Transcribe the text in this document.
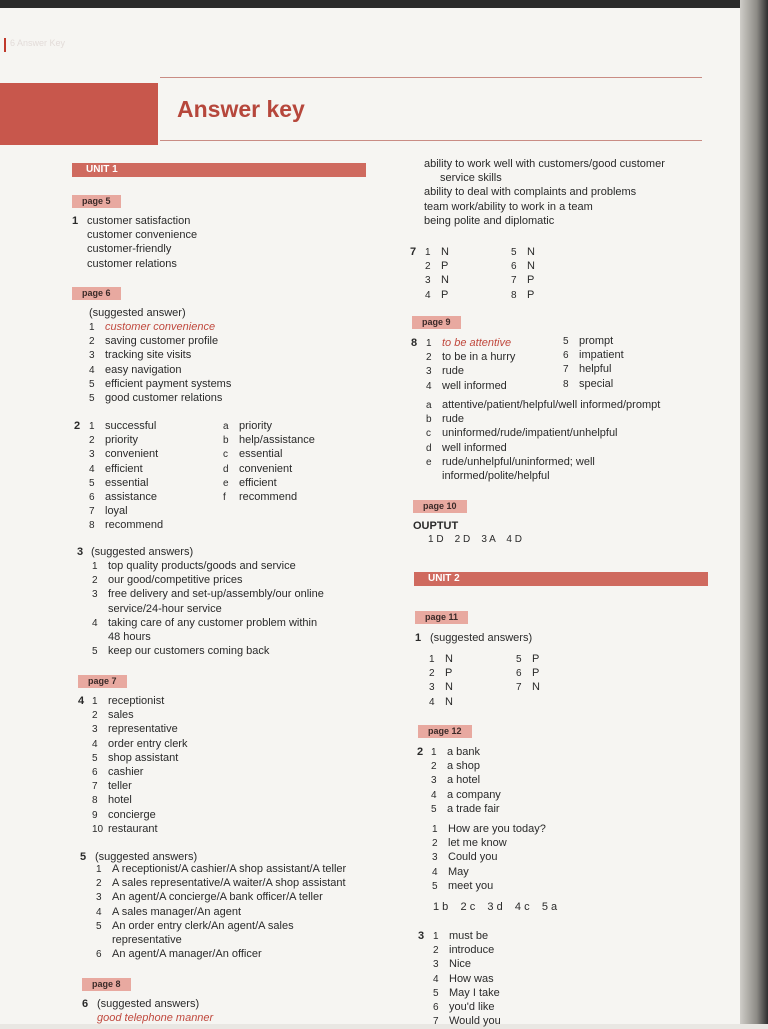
6 Answer Key
Answer key
UNIT 1
page 5
1 customer satisfaction
customer convenience
customer-friendly
customer relations
page 6
(suggested answer)
1 customer convenience
2 saving customer profile
3 tracking site visits
4 easy navigation
5 efficient payment systems
5 good customer relations
2 1 successful
2 priority
3 convenient
4 efficient
5 essential
6 assistance
7 loyal
8 recommend
a priority
b help/assistance
c essential
d convenient
e efficient
f recommend
3 (suggested answers)
1 top quality products/goods and service
2 our good/competitive prices
3 free delivery and set-up/assembly/our online
service/24-hour service
4 taking care of any customer problem within
48 hours
5 keep our customers coming back
page 7
4 1 receptionist
2 sales
3 representative
4 order entry clerk
5 shop assistant
6 cashier
7 teller
8 hotel
9 concierge
10 restaurant
5 (suggested answers)
1 A receptionist/A cashier/A shop assistant/A teller
2 A sales representative/A waiter/A shop assistant
3 An agent/A concierge/A bank officer/A teller
4 A sales manager/An agent
5 An order entry clerk/An agent/A sales
representative
6 An agent/A manager/An officer
page 8
6 (suggested answers)
good telephone manner
ability to work well with customers/good customer
service skills
ability to deal with complaints and problems
team work/ability to work in a team
being polite and diplomatic
7 1 N
2 P
3 N
4 P
5 N
6 N
7 P
8 P
page 9
8 1 to be attentive
2 to be in a hurry
3 rude
4 well informed
5 prompt
6 impatient
7 helpful
8 special
a attentive/patient/helpful/well informed/prompt
b rude
c uninformed/rude/impatient/unhelpful
d well informed
e rude/unhelpful/uninformed; well
informed/polite/helpful
page 10
OUPTUT
1 D    2 D    3 A    4 D
UNIT 2
page 11
1 (suggested answers)
1 N
2 P
3 N
4 N
5 P
6 P
7 N
page 12
2 1 a bank
2 a shop
3 a hotel
4 a company
5 a trade fair
1 How are you today?
2 let me know
3 Could you
4 May
5 meet you
1 b    2 c    3 d    4 c    5 a
3 1 must be
2 introduce
3 Nice
4 How was
5 May I take
6 you'd like
7 Would you
